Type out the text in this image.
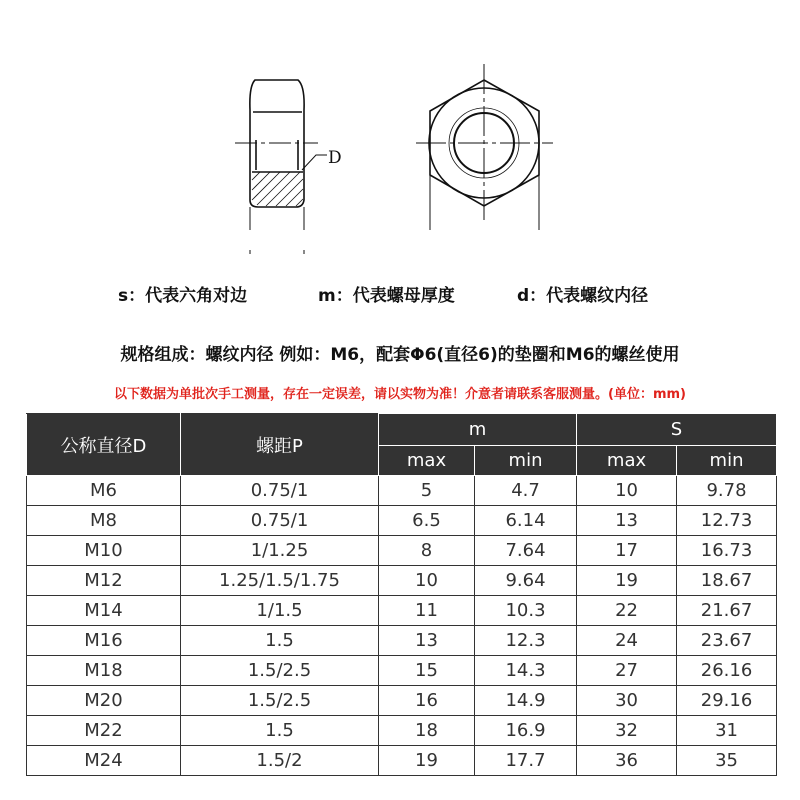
D
s：代表六角对边	m：代表螺母厚度	d：代表螺纹内径
规格组成：螺纹内径 例如：M6，配套Φ6(直径6)的垫圈和M6的螺丝使用
以下数据为单批次手工测量，存在一定误差，请以实物为准！介意者请联系客服测量。(单位：mm)
公称直径D	螺距P	m		S	
		max	min	max	min
M6	0.75/1	5	4.7	10	9.78
M8	0.75/1	6.5	6.14	13	12.73
M10	1/1.25	8	7.64	17	16.73
M12	1.25/1.5/1.75	10	9.64	19	18.67
M14	1/1.5	11	10.3	22	21.67
M16	1.5	13	12.3	24	23.67
M18	1.5/2.5	15	14.3	27	26.16
M20	1.5/2.5	16	14.9	30	29.16
M22	1.5	18	16.9	32	31
M24	1.5/2	19	17.7	36	35
